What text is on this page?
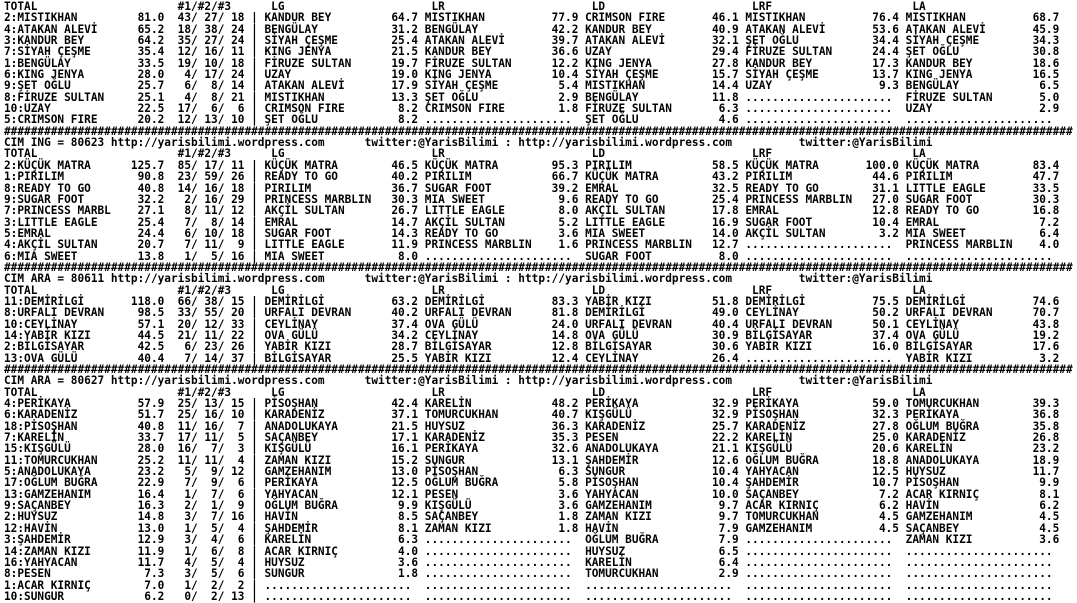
TOTAL                     #1/#2/#3      LG                      LR                      LD                      LRF                     LA
2:MISTIKHAN         81.0  43/ 27/ 18 | KANDUR BEY         64.7 MISTIKHAN          77.9 CRIMSON FIRE       46.1 MISTIKHAN          76.4 MISTIKHAN          68.7
4:ATAKAN ALEVİ      65.2  18/ 38/ 24 | BENGÜLAY           31.2 BENGÜLAY           42.2 KANDUR BEY         40.9 ATAKAN ALEVİ       53.6 ATAKAN ALEVİ       45.9
3:KANDUR BEY        64.2  35/ 27/ 24 | SİYAH ÇEŞME        25.4 ATAKAN ALEVİ       39.7 ATAKAN ALEVİ       32.1 ŞET OĞLU           34.4 SİYAH ÇEŞME        34.3
7:SİYAH ÇEŞME       35.4  12/ 16/ 11 | KING JENYA         21.5 KANDUR BEY         36.6 UZAY               29.4 FİRUZE SULTAN      24.4 ŞET OĞLU           30.8
1:BENGÜLAY          33.5  19/ 10/ 18 | FİRUZE SULTAN      19.7 FİRUZE SULTAN      12.2 KING JENYA         27.8 KANDUR BEY         17.3 KANDUR BEY         18.6
6:KING JENYA        28.0   4/ 17/ 24 | UZAY               19.0 KING JENYA         10.4 SİYAH ÇEŞME        15.7 SİYAH ÇEŞME        13.7 KING JENYA         16.5
9:ŞET OĞLU          25.7   6/  8/ 14 | ATAKAN ALEVİ       17.9 SİYAH ÇEŞME         5.4 MISTIKHAN          14.4 UZAY                9.3 BENGÜLAY            6.5
8:FİRUZE SULTAN     25.1   4/  8/ 21 | MISTIKHAN          13.3 ŞET OĞLU            2.9 BENGÜLAY           11.8 ......................  FİRUZE SULTAN       5.0
10:UZAY             22.5  17/  6/  6 | CRIMSON FIRE        8.2 CRIMSON FIRE        1.8 FİRUZE SULTAN       6.3 ......................  UZAY                2.9
5:CRIMSON FIRE      20.2  12/ 13/ 10 | ŞET OĞLU            8.2 ......................  ŞET OĞLU            4.6 ......................  ......................
################################################################################################################################################################
CIM ING = 80623 http://yarisbilimi.wordpress.com      twitter:@YarisBilimi : http://yarisbilimi.wordpress.com          twitter:@YarisBilimi
TOTAL                     #1/#2/#3      LG                      LR                      LD                      LRF                     LA
2:KÜÇÜK MATRA      125.7  85/ 17/ 11 | KÜÇÜK MATRA        46.5 KÜÇÜK MATRA        95.3 PIRILIM            58.5 KÜÇÜK MATRA       100.0 KÜÇÜK MATRA        83.4
1:PIRILIM           90.8  23/ 59/ 26 | READY TO GO        40.2 PIRILIM            66.7 KÜÇÜK MATRA        43.2 PIRILIM            44.6 PIRILIM            47.7
8:READY TO GO       40.8  14/ 16/ 18 | PIRILIM            36.7 SUGAR FOOT         39.2 EMRAL              32.5 READY TO GO        31.1 LITTLE EAGLE       33.5
9:SUGAR FOOT        32.2   2/ 16/ 29 | PRINCESS MARBLIN   30.3 MIA SWEET           9.6 READY TO GO        25.4 PRINCESS MARBLIN   27.0 SUGAR FOOT         30.3
7:PRINCESS MARBL    27.1   8/ 11/ 12 | AKÇİL SULTAN       26.7 LITTLE EAGLE        8.0 AKÇİL SULTAN       17.8 EMRAL              12.8 READY TO GO        16.8
3:LITTLE EAGLE      25.4   7/  8/ 14 | EMRAL              14.7 AKÇİL SULTAN        5.2 LITTLE EAGLE       16.9 SUGAR FOOT         10.4 EMRAL               7.2
5:EMRAL             24.4   6/ 10/ 18 | SUGAR FOOT         14.3 READY TO GO         3.6 MIA SWEET          14.0 AKÇİL SULTAN        3.2 MIA SWEET           6.4
4:AKÇİL SULTAN      20.7   7/ 11/  9 | LITTLE EAGLE       11.9 PRINCESS MARBLIN    1.6 PRINCESS MARBLIN   12.7 ......................  PRINCESS MARBLIN    4.0
6:MIA SWEET         13.8   1/  5/ 16 | MIA SWEET           8.0 ......................  SUGAR FOOT          8.0 ......................  ......................
################################################################################################################################################################
CIM ARA = 80611 http://yarisbilimi.wordpress.com      twitter:@YarisBilimi : http://yarisbilimi.wordpress.com          twitter:@YarisBilimi
TOTAL                     #1/#2/#3      LG                      LR                      LD                      LRF                     LA
11:DEMİRİLGİ       118.0  66/ 38/ 15 | DEMİRİLGİ          63.2 DEMİRİLGİ          83.3 YABİR KIZI         51.8 DEMİRİLGİ          75.5 DEMİRİLGİ          74.6
8:URFALI DEVRAN     98.5  33/ 55/ 20 | URFALI DEVRAN      40.2 URFALI DEVRAN      81.8 DEMİRİLGİ          49.0 CEYLİNAY           50.2 URFALI DEVRAN      70.7
10:CEYLİNAY         57.1  20/ 12/ 33 | CEYLİNAY           37.4 OVA GÜLÜ           24.0 URFALI DEVRAN      40.4 URFALI DEVRAN      50.1 CEYLİNAY           43.8
14:YABİR KIZI       44.5  21/ 11/ 22 | OVA GÜLÜ           34.2 CEYLİNAY           14.8 OVA GÜLÜ           30.9 BİLGİSAYAR         37.4 OVA GÜLÜ           19.2
2:BİLGİSAYAR        42.5   6/ 23/ 26 | YABİR KIZI         28.7 BİLGİSAYAR         12.8 BİLGİSAYAR         30.6 YABİR KIZI         16.0 BİLGİSAYAR         17.6
13:OVA GÜLÜ         40.4   7/ 14/ 37 | BİLGİSAYAR         25.5 YABİR KIZI         12.4 CEYLİNAY           26.4 ......................  YABİR KIZI          3.2
################################################################################################################################################################
CIM ARA = 80627 http://yarisbilimi.wordpress.com      twitter:@YarisBilimi : http://yarisbilimi.wordpress.com          twitter:@YarisBilimi
TOTAL                     #1/#2/#3      LG                      LR                      LD                      LRF                     LA
4:PERİKAYA          57.9  25/ 13/ 15 | PİSOŞHAN           42.4 KARELİN            48.2 PERİKAYA           32.9 PERİKAYA           59.0 TOMURCUKHAN        39.3
6:KARADENİZ         51.7  25/ 16/ 10 | KARADENİZ          37.1 TOMURCUKHAN        40.7 KIŞGÜLÜ            32.9 PİSOŞHAN           32.3 PERİKAYA           36.8
18:PİSOŞHAN         40.8  11/ 16/  7 | ANADOLUKAYA        21.5 HUYSUZ             36.3 KARADENİZ          25.7 KARADENİZ          27.8 OĞLUM BUĞRA        35.8
7:KARELİN           33.7  17/ 11/  5 | SAÇANBEY           17.1 KARADENİZ          35.3 PESEN              22.2 KARELİN            25.0 KARADENİZ          26.8
15:KIŞGÜLÜ          28.0  16/  7/  3 | KIŞGÜLÜ            16.1 PERİKAYA           32.6 ANADOLUKAYA        21.1 KIŞGÜLÜ            20.6 KARELİN            23.2
11:TOMURCUKHAN      25.2  11/ 11/  4 | ZAMAN KIZI         15.2 SUNGUR             13.1 ŞAHDEMİR           12.6 OĞLUM BUĞRA        18.8 ANADOLUKAYA        18.9
5:ANADOLUKAYA       23.2   5/  9/ 12 | GAMZEHANIM         13.0 PİSOŞHAN            6.3 SUNGUR             10.4 YAHYACAN           12.5 HUYSUZ             11.7
17:OĞLUM BUĞRA      22.9   7/  9/  6 | PERİKAYA           12.5 OĞLUM BUĞRA         5.8 PİSOŞHAN           10.4 ŞAHDEMİR           10.7 PİSOŞHAN            9.9
13:GAMZEHANIM       16.4   1/  7/  6 | YAHYACAN           12.1 PESEN               3.6 YAHYACAN           10.0 SAÇANBEY            7.2 ACAR KIRNIÇ         8.1
9:SAÇANBEY          16.3   2/  1/  9 | OĞLUM BUĞRA         9.9 KIŞGÜLÜ             3.6 GAMZEHANIM          9.7 ACAR KIRNIÇ         6.2 HAVİN               6.2
2:HUYSUZ            14.8   3/  7/ 16 | HAVİN               8.5 SAÇANBEY            1.8 ZAMAN KIZI          9.7 TOMURCUKHAN         4.5 GAMZEHANIM          4.5
12:HAVİN            13.0   1/  5/  4 | ŞAHDEMİR            8.1 ZAMAN KIZI          1.8 HAVİN               7.9 GAMZEHANIM          4.5 SAÇANBEY            4.5
3:ŞAHDEMİR          12.9   3/  4/  6 | KARELİN             6.3 ......................  OĞLUM BUĞRA         7.9 ......................  ZAMAN KIZI          3.6
14:ZAMAN KIZI       11.9   1/  6/  8 | ACAR KIRNIÇ         4.0 ......................  HUYSUZ              6.5 ......................  ......................
16:YAHYACAN         11.7   4/  5/  4 | HUYSUZ              3.6 ......................  KARELİN             6.4 ......................  ......................
8:PESEN              7.3   3/  5/  6 | SUNGUR              1.8 ......................  TOMURCUKHAN         2.9 ......................  ......................
1:ACAR KIRNIÇ        7.0   1/  2/  2 | ......................  ......................  ......................  ......................  ......................
10:SUNGUR            6.2   0/  2/ 13 | ......................  ......................  ......................  ......................  ......................
